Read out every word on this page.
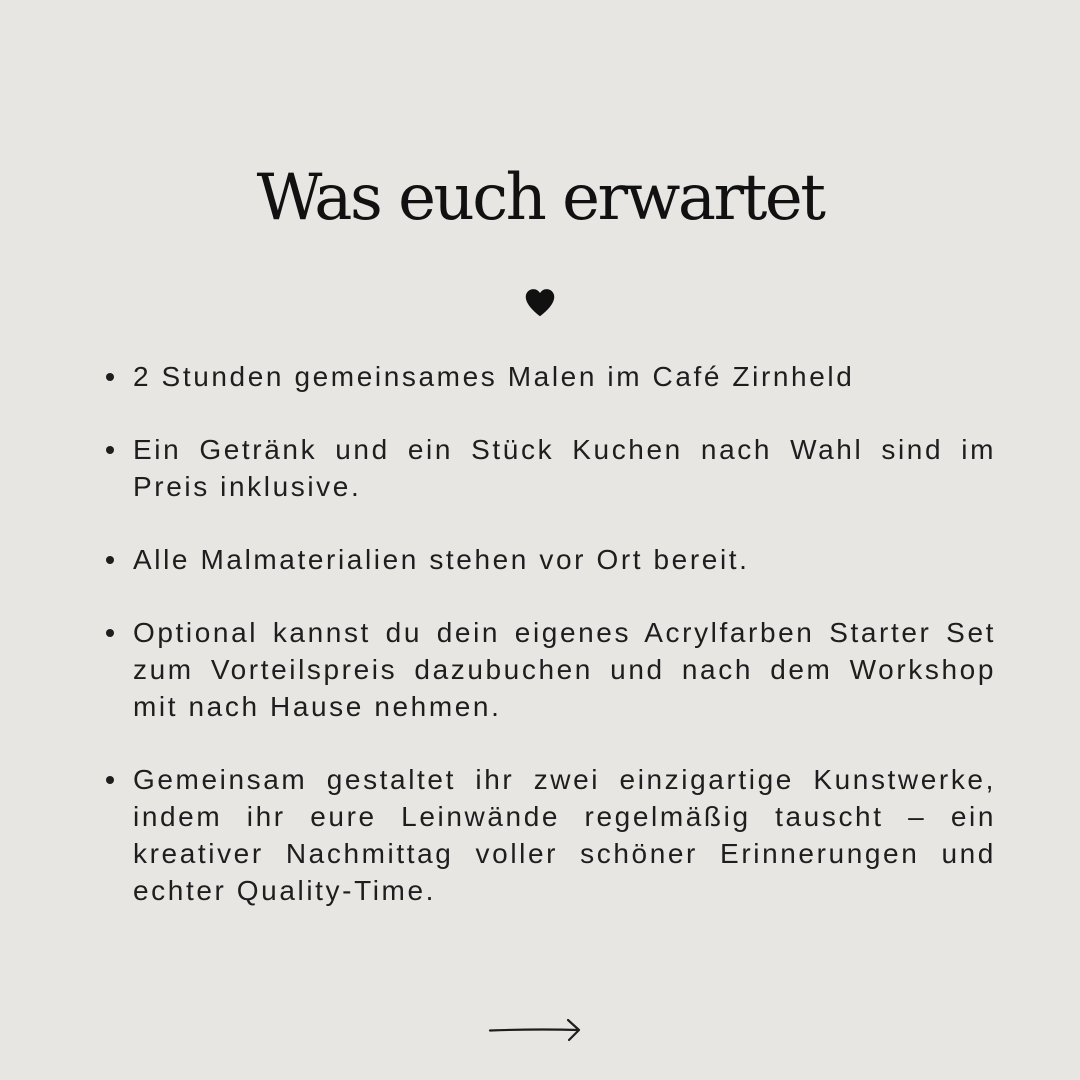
Was euch erwartet
2 Stunden gemeinsames Malen im Café Zirnheld
Ein Getränk und ein Stück Kuchen nach Wahl sind im Preis inklusive.
Alle Malmaterialien stehen vor Ort bereit.
Optional kannst du dein eigenes Acrylfarben Starter Set zum Vorteilspreis dazubuchen und nach dem Workshop mit nach Hause nehmen.
Gemeinsam gestaltet ihr zwei einzigartige Kunstwerke, indem ihr eure Leinwände regelmäßig tauscht – ein kreativer Nachmittag voller schöner Erinnerungen und echter Quality-Time.
